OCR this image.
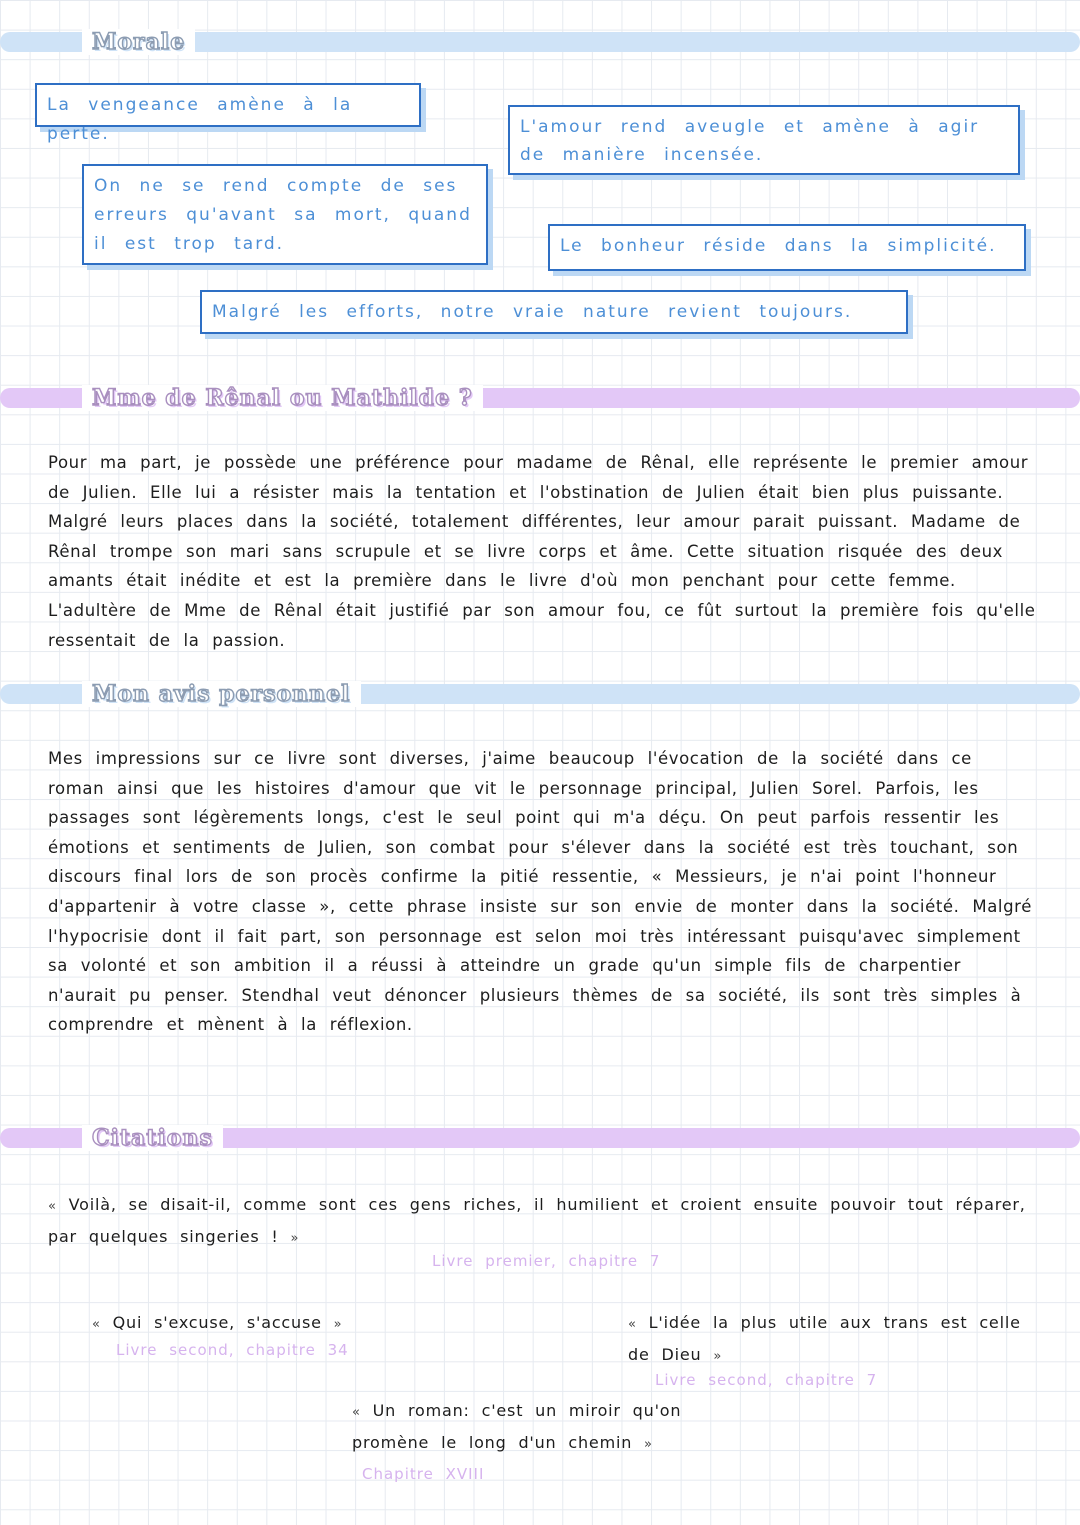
Morale
La vengeance amène à la perte.	L'amour rend aveugle et amène à agir de manière incensée.
On ne se rend compte de ses erreurs qu'avant sa mort, quand il est trop tard.	Le bonheur réside dans la simplicité.
Malgré les efforts, notre vraie nature revient toujours.
Mme de Rênal ou Mathilde ?

Pour ma part, je possède une préférence pour madame de Rênal, elle représente le premier amour de Julien. Elle lui a résister mais la tentation et l'obstination de Julien était bien plus puissante. Malgré leurs places dans la société, totalement différentes, leur amour parait puissant. Madame de Rênal trompe son mari sans scrupule et se livre corps et âme. Cette situation risquée des deux amants était inédite et est la première dans le livre d'où mon penchant pour cette femme. L'adultère de Mme de Rênal était justifié par son amour fou, ce fût surtout la première fois qu'elle ressentait de la passion.

Mon avis personnel

Mes impressions sur ce livre sont diverses, j'aime beaucoup l'évocation de la société dans ce roman ainsi que les histoires d'amour que vit le personnage principal, Julien Sorel. Parfois, les passages sont légèrements longs, c'est le seul point qui m'a déçu. On peut parfois ressentir les émotions et sentiments de Julien, son combat pour s'élever dans la société est très touchant, son discours final lors de son procès confirme la pitié ressentie, « Messieurs, je n'ai point l'honneur d'appartenir à votre classe », cette phrase insiste sur son envie de monter dans la société. Malgré l'hypocrisie dont il fait part, son personnage est selon moi très intéressant puisqu'avec simplement sa volonté et son ambition il a réussi à atteindre un grade qu'un simple fils de charpentier n'aurait pu penser. Stendhal veut dénoncer plusieurs thèmes de sa société, ils sont très simples à comprendre et mènent à la réflexion.

Citations
« Voilà, se disait-il, comme sont ces gens riches, il humilient et croient ensuite pouvoir tout réparer, par quelques singeries ! »
Livre premier, chapitre 7
« Qui s'excuse, s'accuse »
Livre second, chapitre 34
« L'idée la plus utile aux trans est celle de Dieu »
Livre second, chapitre 7
« Un roman: c'est un miroir qu'on promène le long d'un chemin » Chapitre XVIII
